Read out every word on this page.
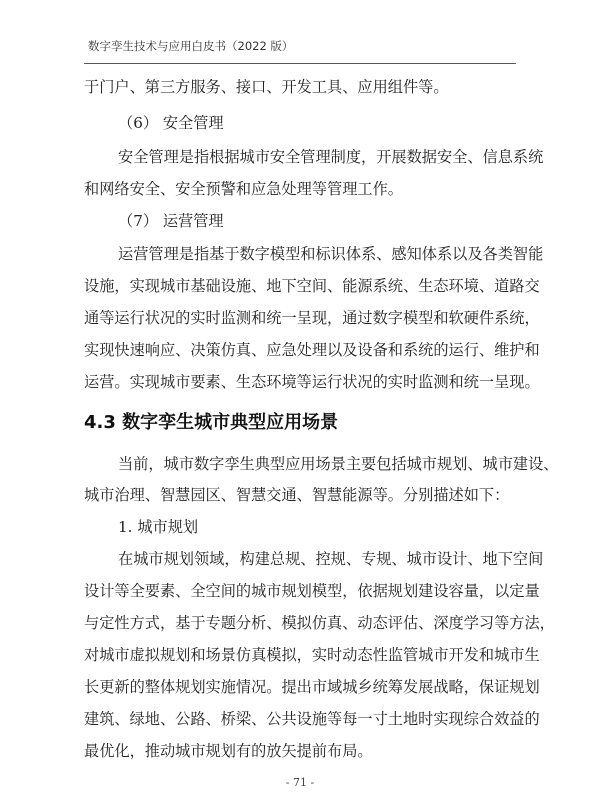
数字孪生技术与应用白皮书（2022 版）
于门户、第三方服务、接口、开发工具、应用组件等。
（6） 安全管理
安全管理是指根据城市安全管理制度，开展数据安全、信息系统
和网络安全、安全预警和应急处理等管理工作。
（7） 运营管理
运营管理是指基于数字模型和标识体系、感知体系以及各类智能
设施，实现城市基础设施、地下空间、能源系统、生态环境、道路交
通等运行状况的实时监测和统一呈现，通过数字模型和软硬件系统，
实现快速响应、决策仿真、应急处理以及设备和系统的运行、维护和
运营。实现城市要素、生态环境等运行状况的实时监测和统一呈现。
4.3 数字孪生城市典型应用场景
当前，城市数字孪生典型应用场景主要包括城市规划、城市建设、
城市治理、智慧园区、智慧交通、智慧能源等。分别描述如下：
1. 城市规划
在城市规划领域，构建总规、控规、专规、城市设计、地下空间
设计等全要素、全空间的城市规划模型，依据规划建设容量，以定量
与定性方式，基于专题分析、模拟仿真、动态评估、深度学习等方法，
对城市虚拟规划和场景仿真模拟，实时动态性监管城市开发和城市生
长更新的整体规划实施情况。提出市域城乡统筹发展战略，保证规划
建筑、绿地、公路、桥梁、公共设施等每一寸土地时实现综合效益的
最优化，推动城市规划有的放矢提前布局。
- 71 -
